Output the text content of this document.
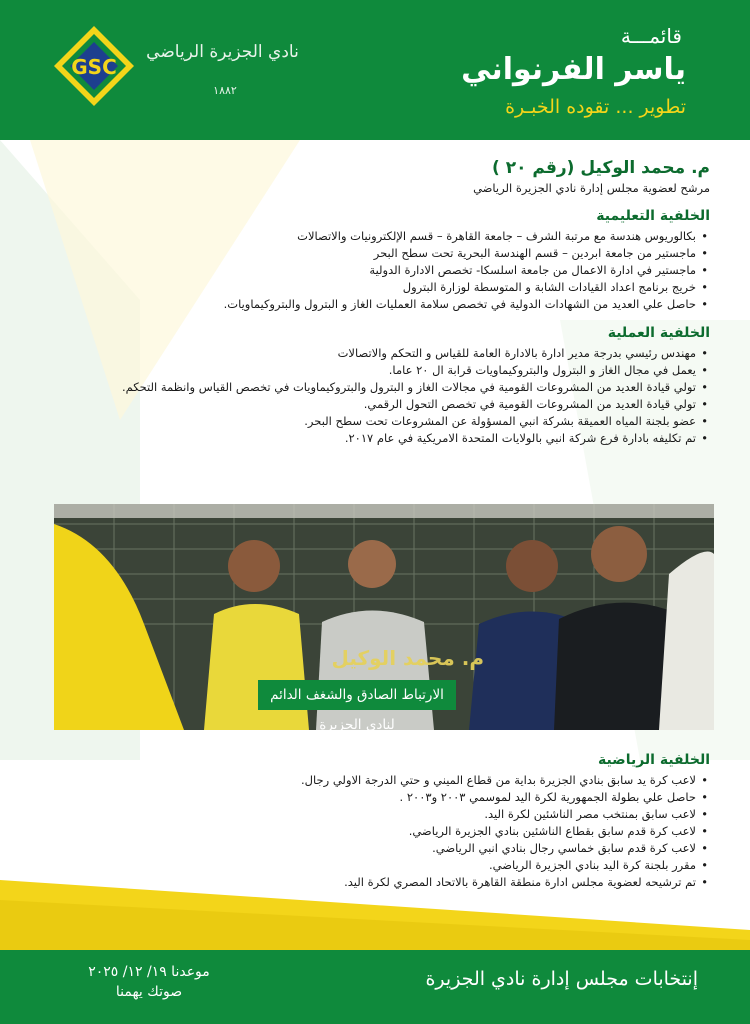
GSC
نادي الجزيرة الرياضي
١٨٨٢
قائمـــة
ياسر الفرنواني
تطوير ... تقوده الخبـرة

م. محمد الوكيل (رقم ٢٠ )

مرشح لعضوية مجلس إدارة نادي الجزيرة الرياضي

الخلفية التعليمية
• بكالوريوس هندسة مع مرتبة الشرف – جامعة القاهرة – قسم الإلكترونيات والاتصالات
• ماجستير من جامعة ابردين – قسم الهندسة البحرية تحت سطح البحر
• ماجستير في ادارة الاعمال من جامعة اسلسكا- تخصص الادارة الدولية
• خريج برنامج اعداد القيادات الشابة و المتوسطة لوزارة البترول
• حاصل علي العديد من الشهادات الدولية في تخصص سلامة العمليات الغاز و البترول والبتروكيماويات.
الخلفية العملية
• مهندس رئيسي بدرجة مدير ادارة بالادارة العامة للقياس و التحكم والاتصالات
• يعمل في مجال الغاز و البترول والبتروكيماويات قرابة ال ٢٠ عاما.
• تولي قيادة العديد من المشروعات القومية في مجالات الغاز و البترول والبتروكيماويات في تخصص القياس وانظمة التحكم.
• تولي قيادة العديد من المشروعات القومية في تخصص التحول الرقمي.
• عضو بلجنة المياه العميقة بشركة انبي المسؤولة عن المشروعات تحت سطح البحر.
• تم تكليفه بادارة فرع شركة انبي بالولايات المتحدة الامريكية في عام ٢٠١٧.
م. محمد الوكيل
الارتباط الصادق والشغف الدائم لنادى الجزيرة
الخلفية الرياضية
• لاعب كرة يد سابق بنادي الجزيرة بداية من قطاع الميني و حتي الدرجة الاولي رجال.
• حاصل علي بطولة الجمهورية لكرة اليد لموسمي ٢٠٠٣ و٢٠٠٣ .
• لاعب سابق بمنتخب مصر الناشئين لكرة اليد.
• لاعب كرة قدم سابق بقطاع الناشئين بنادي الجزيرة الرياضي.
• لاعب كرة قدم سابق خماسي رجال بنادي انبي الرياضي.
• مقرر بلجنة كرة اليد بنادي الجزيرة الرياضي.
• تم ترشيحه لعضوية مجلس ادارة منطقة القاهرة بالاتحاد المصري لكرة اليد.
إنتخابات مجلس إدارة نادي الجزيرة
موعدنا ١٩/ ١٢/ ٢٠٢٥
صوتك يهمنا
